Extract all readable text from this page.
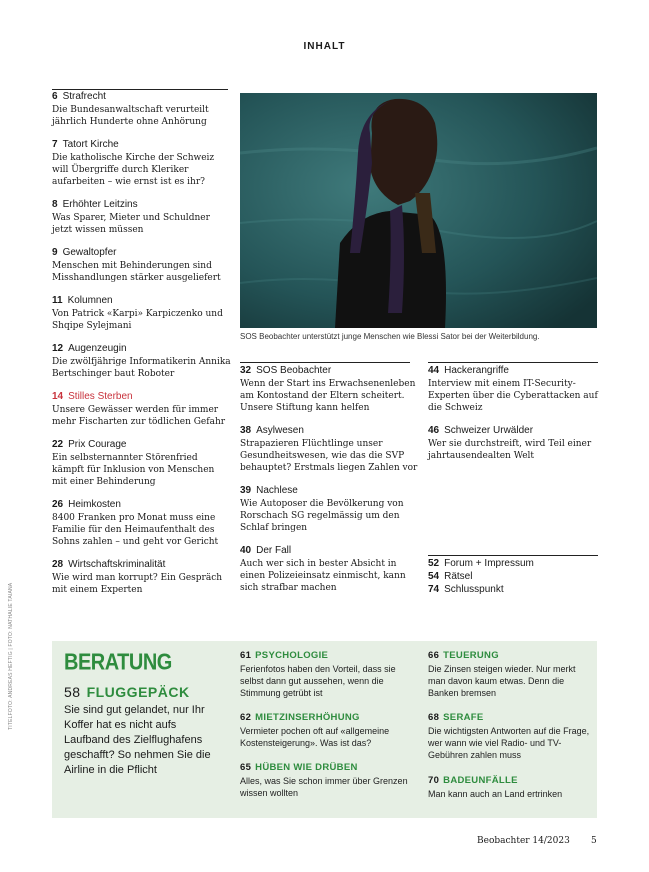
INHALT
6 Strafrecht
Die Bundesanwaltschaft verurteilt jährlich Hunderte ohne Anhörung
7 Tatort Kirche
Die katholische Kirche der Schweiz will Übergriffe durch Kleriker aufarbeiten – wie ernst ist es ihr?
8 Erhöhter Leitzins
Was Sparer, Mieter und Schuldner jetzt wissen müssen
9 Gewaltopfer
Menschen mit Behinderungen sind Misshandlungen stärker ausgeliefert
11 Kolumnen
Von Patrick «Karpi» Karpiczenko und Shqipe Sylejmani
12 Augenzeugin
Die zwölfjährige Informatikerin Annika Bertschinger baut Roboter
14 Stilles Sterben
Unsere Gewässer werden für immer mehr Fischarten zur tödlichen Gefahr
22 Prix Courage
Ein selbsternannter Störenfried kämpft für Inklusion von Menschen mit einer Behinderung
26 Heimkosten
8400 Franken pro Monat muss eine Familie für den Heimaufenthalt des Sohns zahlen – und geht vor Gericht
28 Wirtschaftskriminalität
Wie wird man korrupt? Ein Gespräch mit einem Experten
SOS Beobachter unterstützt junge Menschen wie Blessi Sator bei der Weiterbildung.
32 SOS Beobachter
Wenn der Start ins Erwachsenenleben am Kontostand der Eltern scheitert. Unsere Stiftung kann helfen
38 Asylwesen
Strapazieren Flüchtlinge unser Gesundheitswesen, wie das die SVP behauptet? Erstmals liegen Zahlen vor
39 Nachlese
Wie Autoposer die Bevölkerung von Rorschach SG regelmässig um den Schlaf bringen
40 Der Fall
Auch wer sich in bester Absicht in einen Polizeieinsatz einmischt, kann sich strafbar machen
44 Hackerangriffe
Interview mit einem IT-Security-Experten über die Cyberattacken auf die Schweiz
46 Schweizer Urwälder
Wer sie durchstreift, wird Teil einer jahrtausendealten Welt
52 Forum + Impressum
54 Rätsel
74 Schlusspunkt
BERATUNG
58 FLUGGEPÄCK
Sie sind gut gelandet, nur Ihr Koffer hat es nicht aufs Laufband des Zielflughafens geschafft? So nehmen Sie die Airline in die Pflicht
61 PSYCHOLOGIE
Ferienfotos haben den Vorteil, dass sie selbst dann gut aussehen, wenn die Stimmung getrübt ist
62 MIETZINSERHÖHUNG
Vermieter pochen oft auf «allgemeine Kostensteigerung». Was ist das?
65 HÜBEN WIE DRÜBEN
Alles, was Sie schon immer über Grenzen wissen wollten
66 TEUERUNG
Die Zinsen steigen wieder. Nur merkt man davon kaum etwas. Denn die Banken bremsen
68 SERAFE
Die wichtigsten Antworten auf die Frage, wer wann wie viel Radio- und TV-Gebühren zahlen muss
70 BADEUNFÄLLE
Man kann auch an Land ertrinken
TITELFOTO: ANDREAS HEFTIG | FOTO: NATHALIE TAIANA
Beobachter 14/2023 5
